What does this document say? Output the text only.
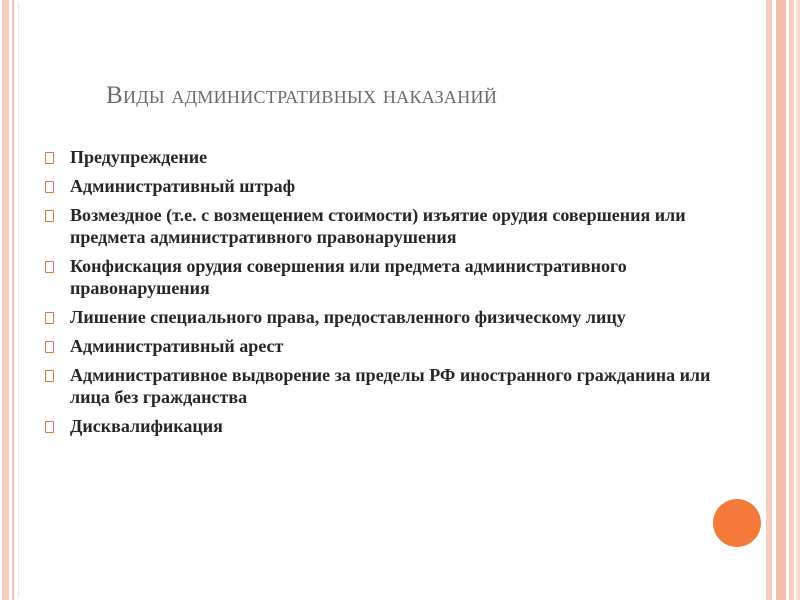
Виды административных наказаний
Предупреждение
Административный штраф
Возмездное (т.е. с возмещением стоимости) изъятие орудия совершения или предмета административного правонарушения
Конфискация орудия совершения или предмета административного правонарушения
Лишение специального права, предоставленного физическому лицу
Административный арест
Административное выдворение за пределы РФ иностранного гражданина или лица без гражданства
Дисквалификация
